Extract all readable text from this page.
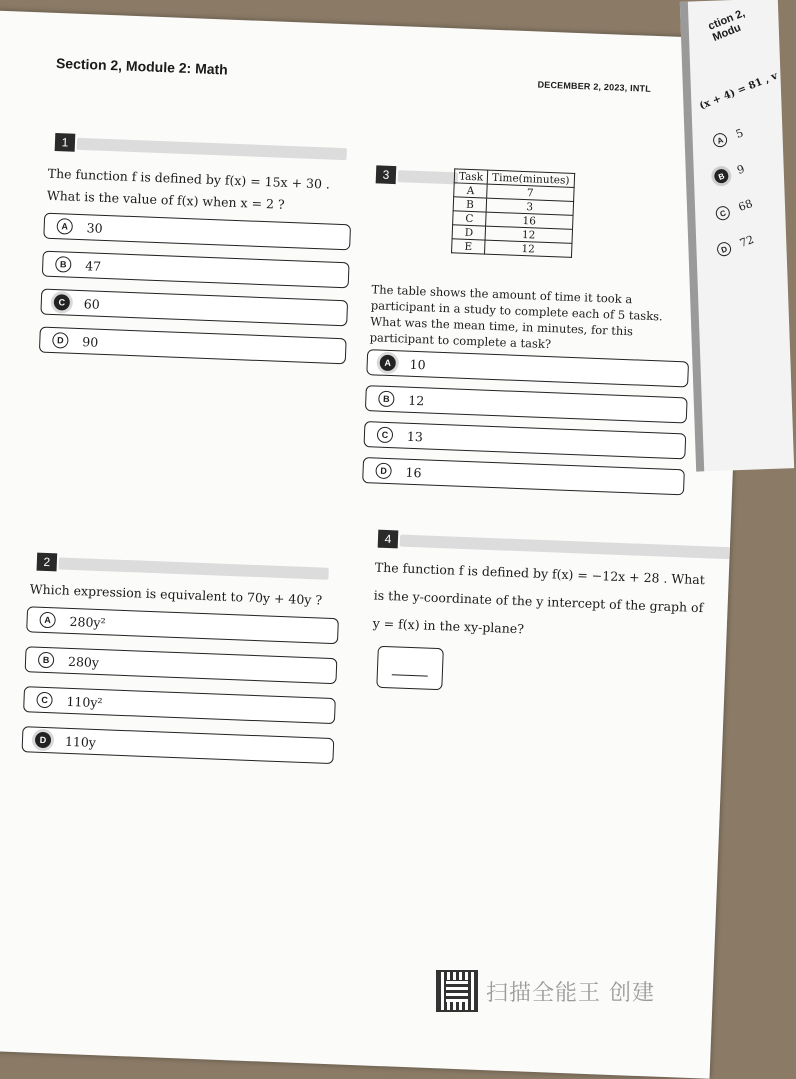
Section 2, Module 2: Math
DECEMBER 2, 2023, INTL
1
The function f is defined by f(x) = 15x + 30 . What is the value of f(x) when x = 2 ?
A	30
B	47
C	60
D	90
3	Task	Time(minutes)
A	7
B	3
C	16
D	12
E	12
The table shows the amount of time it took a participant in a study to complete each of 5 tasks. What was the mean time, in minutes, for this participant to complete a task?
A	10
B	12
C	13
D	16
2
Which expression is equivalent to 70y + 40y ?
A	280y²
B	280y
C	110y²
D	110y
4
The function f is defined by f(x) = −12x + 28 . What is the y-coordinate of the y intercept of the graph of y = f(x) in the xy-plane?
ction 2, Modu
(x + 4) = 81 , v
A 5
B 9
C 68
D 72
扫描全能王 创建
